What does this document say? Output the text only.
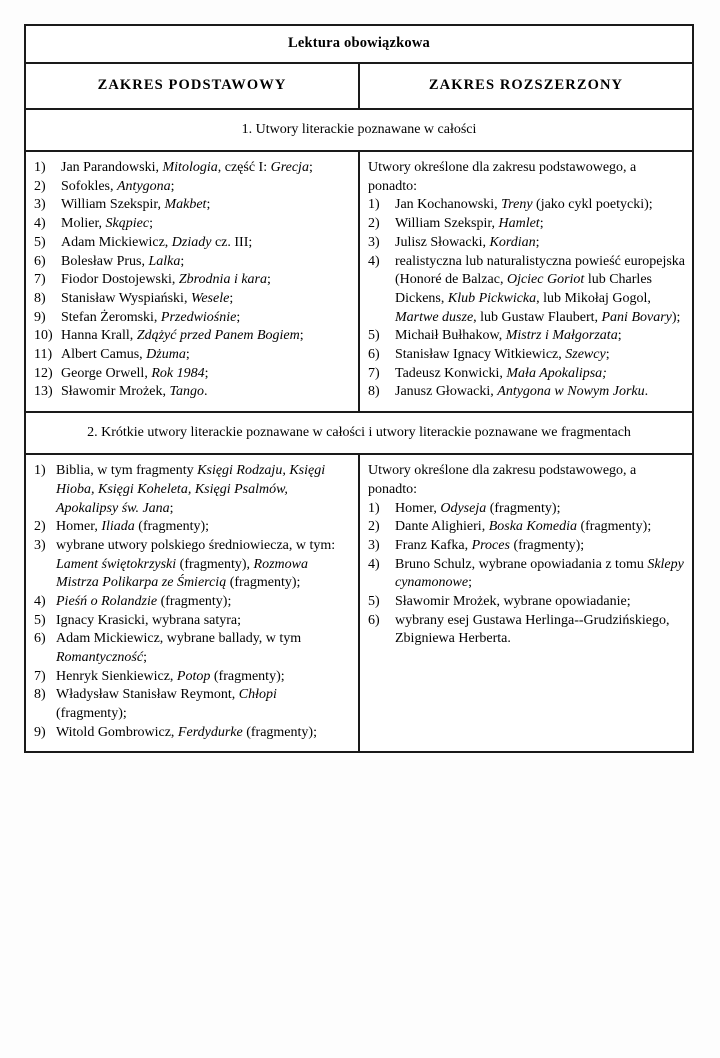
Lektura obowiązkowa	
ZAKRES PODSTAWOWY	ZAKRES ROZSZERZONY
1. Utwory literackie poznawane w całości	

1)	Jan Parandowski, Mitologia, część I: Grecja;
2)	Sofokles, Antygona;
3)	William Szekspir, Makbet;
4)	Molier, Skąpiec;
5)	Adam Mickiewicz, Dziady cz. III;
6)	Bolesław Prus, Lalka;
7)	Fiodor Dostojewski, Zbrodnia i kara;
8)	Stanisław Wyspiański, Wesele;
9)	Stefan Żeromski, Przedwiośnie;
10) Hanna Krall, Zdążyć przed Panem Bogiem;
11) Albert Camus, Dżuma;
12) George Orwell, Rok 1984;
13) Sławomir Mrożek, Tango.

Utwory określone dla zakresu podstawowego, a ponadto:
1)	Jan Kochanowski, Treny (jako cykl poetycki);
2)	William Szekspir, Hamlet;
3)	Julisz Słowacki, Kordian;
4)	realistyczna lub naturalistyczna powieść europejska (Honoré de Balzac, Ojciec Goriot lub Charles Dickens, Klub Pickwicka, lub Mikołaj Gogol, Martwe dusze, lub Gustaw Flaubert, Pani Bovary);
5)	Michaił Bułhakow, Mistrz i Małgorzata;
6)	Stanisław Ignacy Witkiewicz, Szewcy;
7)	Tadeusz Konwicki, Mała Apokalipsa;
8)	Janusz Głowacki, Antygona w Nowym Jorku.

2. Krótkie utwory literackie poznawane w całości i utwory literackie poznawane we fragmentach	

1) Biblia, w tym fragmenty Księgi Rodzaju, Księgi Hioba, Księgi Koheleta, Księgi Psalmów, Apokalipsy św. Jana;
2) Homer, Iliada (fragmenty);
3) wybrane utwory polskiego średniowiecza, w tym: Lament świętokrzyski (fragmenty), Rozmowa Mistrza Polikarpa ze Śmiercią (fragmenty);
4) Pieśń o Rolandzie (fragmenty);
5) Ignacy Krasicki, wybrana satyra;
6) Adam Mickiewicz, wybrane ballady, w tym Romantyczność;
7) Henryk Sienkiewicz, Potop (fragmenty);
8) Władysław Stanisław Reymont, Chłopi (fragmenty);
9) Witold Gombrowicz, Ferdydurke (fragmenty);

Utwory określone dla zakresu podstawowego, a ponadto:
1)	Homer, Odyseja (fragmenty);
2)	Dante Alighieri, Boska Komedia (fragmenty);
3)	Franz Kafka, Proces (fragmenty);
4)	Bruno Schulz, wybrane opowiadania z tomu Sklepy cynamonowe;
5)	Sławomir Mrożek, wybrane opowiadanie;
6)	wybrany esej Gustawa Herlinga--Grudzińskiego, Zbigniewa Herberta.
